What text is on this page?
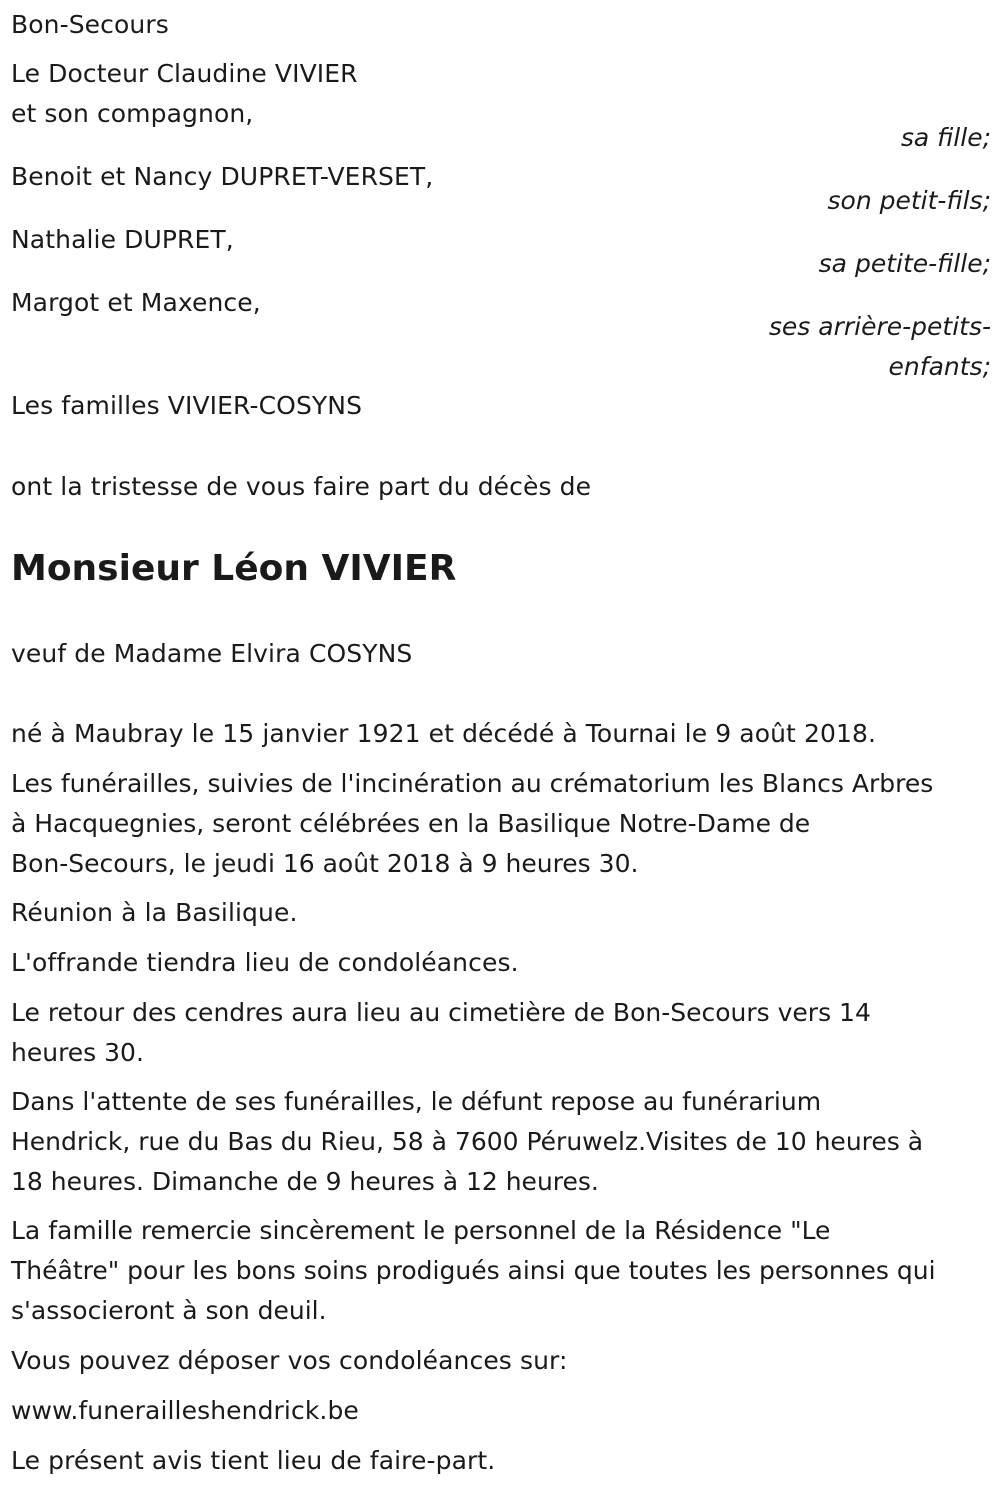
Bon-Secours

Le Docteur Claudine VIVIER

et son compagnon,

sa fille;

Benoit et Nancy DUPRET-VERSET,

son petit-fils;

Nathalie DUPRET,

sa petite-fille;

Margot et Maxence,

ses arrière-petits-

enfants;

Les familles VIVIER-COSYNS

ont la tristesse de vous faire part du décès de

Monsieur Léon VIVIER

veuf de Madame Elvira COSYNS

né à Maubray le 15 janvier 1921 et décédé à Tournai le 9 août 2018.

Les funérailles, suivies de l'incinération au crématorium les Blancs Arbres
à Hacquegnies, seront célébrées en la Basilique Notre-Dame de
Bon-Secours, le jeudi 16 août 2018 à 9 heures 30.

Réunion à la Basilique.

L'offrande tiendra lieu de condoléances.

Le retour des cendres aura lieu au cimetière de Bon-Secours vers 14
heures 30.
Dans l'attente de ses funérailles, le défunt repose au funérarium
Hendrick, rue du Bas du Rieu, 58 à 7600 Péruwelz.Visites de 10 heures à
18 heures. Dimanche de 9 heures à 12 heures.
La famille remercie sincèrement le personnel de la Résidence "Le
Théâtre" pour les bons soins prodigués ainsi que toutes les personnes qui
s'associeront à son deuil.

Vous pouvez déposer vos condoléances sur:

www.funerailleshendrick.be

Le présent avis tient lieu de faire-part.
